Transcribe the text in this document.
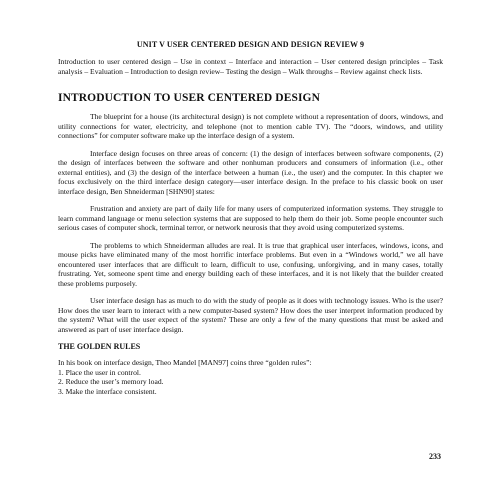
UNIT V USER CENTERED DESIGN AND DESIGN REVIEW 9

Introduction to user centered design – Use in context – Interface and interaction – User centered design principles – Task analysis – Evaluation – Introduction to design review– Testing the design – Walk throughs – Review against check lists.

INTRODUCTION TO USER CENTERED DESIGN

The blueprint for a house (its architectural design) is not complete without a representation of doors, windows, and utility connections for water, electricity, and telephone (not to mention cable TV). The “doors, windows, and utility connections” for computer software make up the interface design of a system.

Interface design focuses on three areas of concern: (1) the design of interfaces between software components, (2) the design of interfaces between the software and other nonhuman producers and consumers of information (i.e., other external entities), and (3) the design of the interface between a human (i.e., the user) and the computer. In this chapter we focus exclusively on the third interface design category—user interface design. In the preface to his classic book on user interface design, Ben Shneiderman [SHN90] states:

Frustration and anxiety are part of daily life for many users of computerized information systems. They struggle to learn command language or menu selection systems that are supposed to help them do their job. Some people encounter such serious cases of computer shock, terminal terror, or network neurosis that they avoid using computerized systems.

The problems to which Shneiderman alludes are real. It is true that graphical user interfaces, windows, icons, and mouse picks have eliminated many of the most horrific interface problems. But even in a “Windows world,” we all have encountered user interfaces that are difficult to learn, difficult to use, confusing, unforgiving, and in many cases, totally frustrating. Yet, someone spent time and energy building each of these interfaces, and it is not likely that the builder created these problems purposely.

User interface design has as much to do with the study of people as it does with technology issues. Who is the user? How does the user learn to interact with a new computer-based system? How does the user interpret information produced by the system? What will the user expect of the system? These are only a few of the many questions that must be asked and answered as part of user interface design.

THE GOLDEN RULES

In his book on interface design, Theo Mandel [MAN97] coins three “golden rules”:

1. Place the user in control.
2. Reduce the user’s memory load.
3. Make the interface consistent.
233
